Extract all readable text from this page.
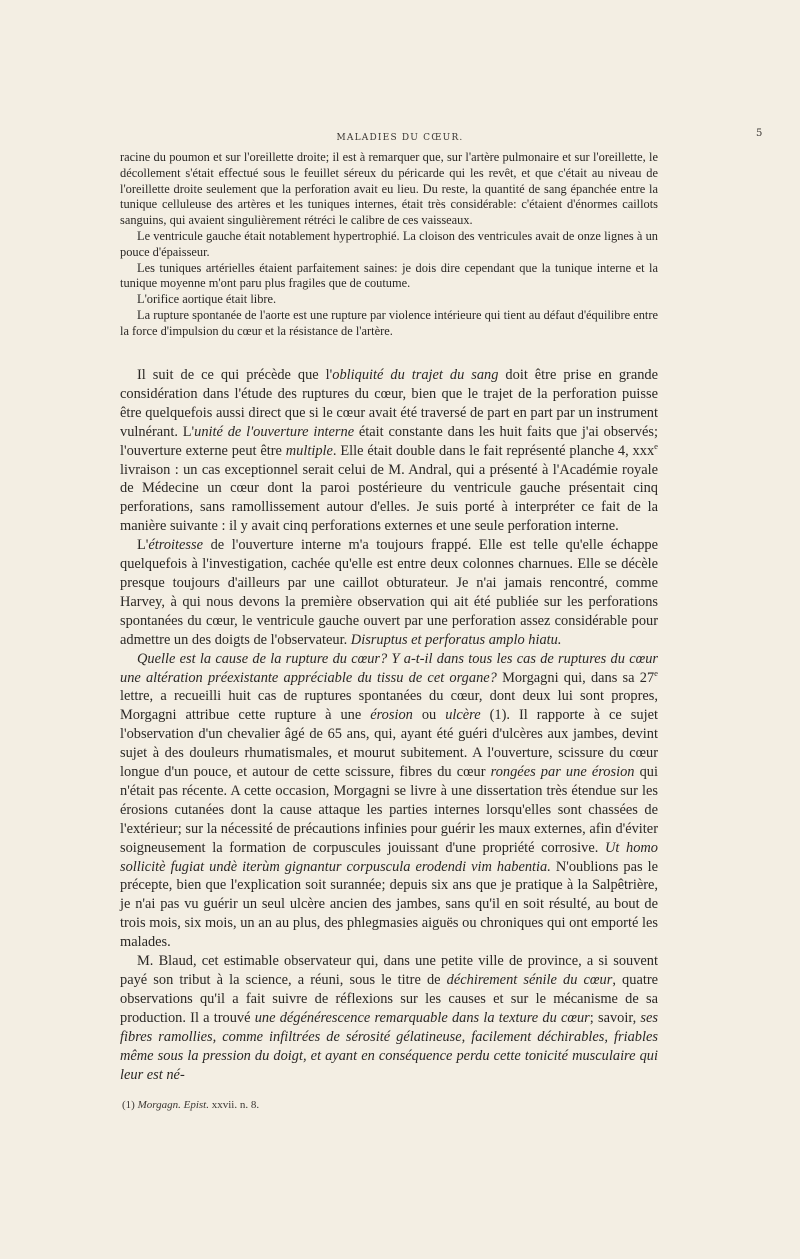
MALADIES DU CŒUR.	5

racine du poumon et sur l'oreillette droite; il est à remarquer que, sur l'artère pulmonaire et sur l'oreillette, le décollement s'était effectué sous le feuillet séreux du péricarde qui les revêt, et que c'était au niveau de l'oreillette droite seulement que la perforation avait eu lieu. Du reste, la quantité de sang épanchée entre la tunique celluleuse des artères et les tuniques internes, était très considérable: c'étaient d'énormes caillots sanguins, qui avaient singulièrement rétréci le calibre de ces vaisseaux.

Le ventricule gauche était notablement hypertrophié. La cloison des ventricules avait de onze lignes à un pouce d'épaisseur.

Les tuniques artérielles étaient parfaitement saines: je dois dire cependant que la tunique interne et la tunique moyenne m'ont paru plus fragiles que de coutume.

L'orifice aortique était libre.

La rupture spontanée de l'aorte est une rupture par violence intérieure qui tient au défaut d'équilibre entre la force d'impulsion du cœur et la résistance de l'artère.

Il suit de ce qui précède que l'obliquité du trajet du sang doit être prise en grande considération dans l'étude des ruptures du cœur, bien que le trajet de la perforation puisse être quelquefois aussi direct que si le cœur avait été traversé de part en part par un instrument vulnérant. L'unité de l'ouverture interne était constante dans les huit faits que j'ai observés; l'ouverture externe peut être multiple. Elle était double dans le fait représenté planche 4, xxx$^e$ livraison : un cas exceptionnel serait celui de M. Andral, qui a présenté à l'Académie royale de Médecine un cœur dont la paroi postérieure du ventricule gauche présentait cinq perforations, sans ramollissement autour d'elles. Je suis porté à interpréter ce fait de la manière suivante : il y avait cinq perforations externes et une seule perforation interne.

L'étroitesse de l'ouverture interne m'a toujours frappé. Elle est telle qu'elle échappe quelquefois à l'investigation, cachée qu'elle est entre deux colonnes charnues. Elle se décèle presque toujours d'ailleurs par une caillot obturateur. Je n'ai jamais rencontré, comme Harvey, à qui nous devons la première observation qui ait été publiée sur les perforations spontanées du cœur, le ventricule gauche ouvert par une perforation assez considérable pour admettre un des doigts de l'observateur. Disruptus et perforatus amplo hiatu.

Quelle est la cause de la rupture du cœur? Y a-t-il dans tous les cas de ruptures du cœur une altération préexistante appréciable du tissu de cet organe? Morgagni qui, dans sa 27e lettre, a recueilli huit cas de ruptures spontanées du cœur, dont deux lui sont propres, Morgagni attribue cette rupture à une érosion ou ulcère (1). Il rapporte à ce sujet l'observation d'un chevalier âgé de 65 ans, qui, ayant été guéri d'ulcères aux jambes, devint sujet à des douleurs rhumatismales, et mourut subitement. A l'ouverture, scissure du cœur longue d'un pouce, et autour de cette scissure, fibres du cœur rongées par une érosion qui n'était pas récente. A cette occasion, Morgagni se livre à une dissertation très étendue sur les érosions cutanées dont la cause attaque les parties internes lorsqu'elles sont chassées de l'extérieur; sur la nécessité de précautions infinies pour guérir les maux externes, afin d'éviter soigneusement la formation de corpuscules jouissant d'une propriété corrosive. Ut homo sollicitè fugiat undè iterùm gignantur corpuscula erodendi vim habentia. N'oublions pas le précepte, bien que l'explication soit surannée; depuis six ans que je pratique à la Salpêtrière, je n'ai pas vu guérir un seul ulcère ancien des jambes, sans qu'il en soit résulté, au bout de trois mois, six mois, un an au plus, des phlegmasies aiguës ou chroniques qui ont emporté les malades.

M. Blaud, cet estimable observateur qui, dans une petite ville de province, a si souvent payé son tribut à la science, a réuni, sous le titre de déchirement sénile du cœur, quatre observations qu'il a fait suivre de réflexions sur les causes et sur le mécanisme de sa production. Il a trouvé une dégénérescence remarquable dans la texture du cœur; savoir, ses fibres ramollies, comme infiltrées de sérosité gélatineuse, facilement déchirables, friables même sous la pression du doigt, et ayant en conséquence perdu cette tonicité musculaire qui leur est né-

(1) Morgagn. Epist. xxvii. n. 8.
